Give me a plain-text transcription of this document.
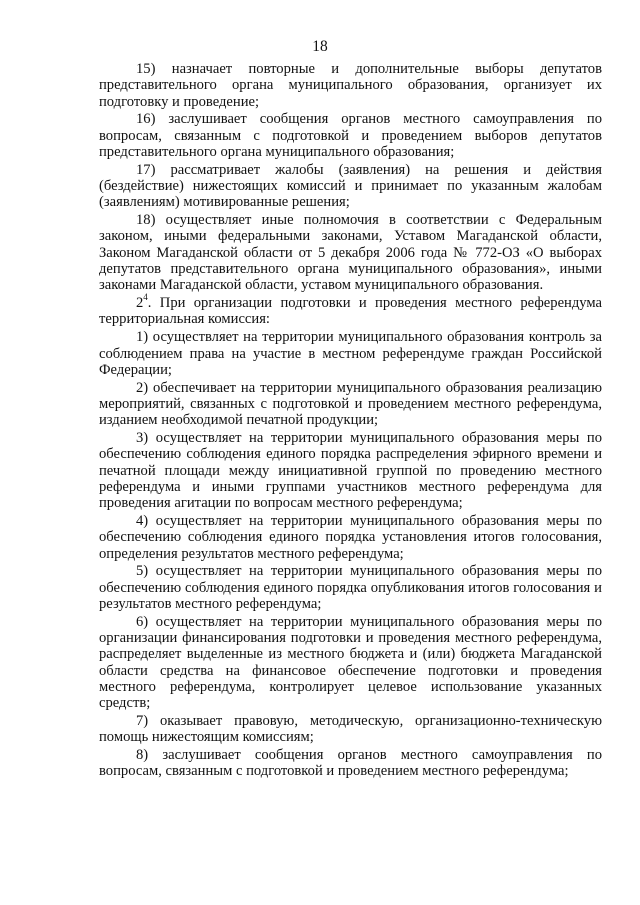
18

15) назначает повторные и дополнительные выборы депутатов представительного органа муниципального образования, организует их подготовку и проведение;

16) заслушивает сообщения органов местного самоуправления по вопросам, связанным с подготовкой и проведением выборов депутатов представительного органа муниципального образования;

17) рассматривает жалобы (заявления) на решения и действия (бездействие) нижестоящих комиссий и принимает по указанным жалобам (заявлениям) мотивированные решения;

18) осуществляет иные полномочия в соответствии с Федеральным законом, иными федеральными законами, Уставом Магаданской области, Законом Магаданской области от 5 декабря 2006 года № 772-ОЗ «О выборах депутатов представительного органа муниципального образования», иными законами Магаданской области, уставом муниципального образования.

$2^4$. При организации подготовки и проведения местного референдума территориальная комиссия:

1) осуществляет на территории муниципального образования контроль за соблюдением права на участие в местном референдуме граждан Российской Федерации;

2) обеспечивает на территории муниципального образования реализацию мероприятий, связанных с подготовкой и проведением местного референдума, изданием необходимой печатной продукции;

3) осуществляет на территории муниципального образования меры по обеспечению соблюдения единого порядка распределения эфирного времени и печатной площади между инициативной группой по проведению местного референдума и иными группами участников местного референдума для проведения агитации по вопросам местного референдума;

4) осуществляет на территории муниципального образования меры по обеспечению соблюдения единого порядка установления итогов голосования, определения результатов местного референдума;

5) осуществляет на территории муниципального образования меры по обеспечению соблюдения единого порядка опубликования итогов голосования и результатов местного референдума;

6) осуществляет на территории муниципального образования меры по организации финансирования подготовки и проведения местного референдума, распределяет выделенные из местного бюджета и (или) бюджета Магаданской области средства на финансовое обеспечение подготовки и проведения местного референдума, контролирует целевое использование указанных средств;

7) оказывает правовую, методическую, организационно-техническую помощь нижестоящим комиссиям;

8) заслушивает сообщения органов местного самоуправления по вопросам, связанным с подготовкой и проведением местного референдума;
